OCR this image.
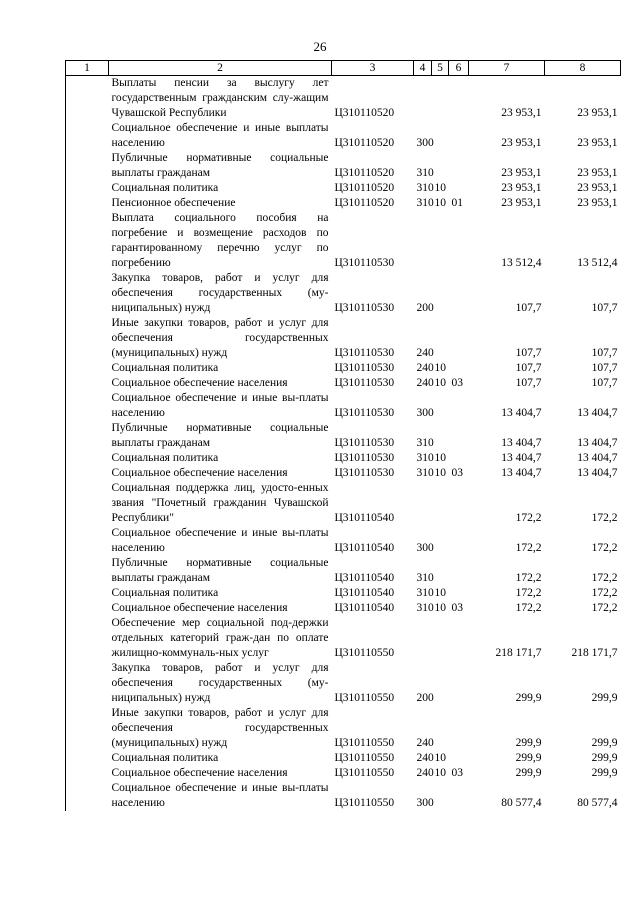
26
1	2	3	4	5	6	7	8
	Выплаты пенсии за выслугу лет государственным гражданским слу-жащим Чувашской Республики	Ц310110520				23 953,1	23 953,1
	Социальное обеспечение и иные выплаты населению	Ц310110520	300			23 953,1	23 953,1
	Публичные нормативные социальные выплаты гражданам	Ц310110520	310			23 953,1	23 953,1
	Социальная политика	Ц310110520	310	10		23 953,1	23 953,1
	Пенсионное обеспечение	Ц310110520	310	10	01	23 953,1	23 953,1
	Выплата социального пособия на погребение и возмещение расходов по гарантированному перечню услуг по погребению	Ц310110530				13 512,4	13 512,4
	Закупка товаров, работ и услуг для обеспечения государственных (му-ниципальных) нужд	Ц310110530	200			107,7	107,7
	Иные закупки товаров, работ и услуг для обеспечения государственных (муниципальных) нужд	Ц310110530	240			107,7	107,7
	Социальная политика	Ц310110530	240	10		107,7	107,7
	Социальное обеспечение населения	Ц310110530	240	10	03	107,7	107,7
	Социальное обеспечение и иные вы-платы населению	Ц310110530	300			13 404,7	13 404,7
	Публичные нормативные социальные выплаты гражданам	Ц310110530	310			13 404,7	13 404,7
	Социальная политика	Ц310110530	310	10		13 404,7	13 404,7
	Социальное обеспечение населения	Ц310110530	310	10	03	13 404,7	13 404,7
	Социальная поддержка лиц, удосто-енных звания "Почетный гражданин Чувашской Республики"	Ц310110540				172,2	172,2
	Социальное обеспечение и иные вы-платы населению	Ц310110540	300			172,2	172,2
	Публичные нормативные социальные выплаты гражданам	Ц310110540	310			172,2	172,2
	Социальная политика	Ц310110540	310	10		172,2	172,2
	Социальное обеспечение населения	Ц310110540	310	10	03	172,2	172,2
	Обеспечение мер социальной под-держки отдельных категорий граж-дан по оплате жилищно-коммуналь-ных услуг	Ц310110550				218 171,7	218 171,7
	Закупка товаров, работ и услуг для обеспечения государственных (му-ниципальных) нужд	Ц310110550	200			299,9	299,9
	Иные закупки товаров, работ и услуг для обеспечения государственных (муниципальных) нужд	Ц310110550	240			299,9	299,9
	Социальная политика	Ц310110550	240	10		299,9	299,9
	Социальное обеспечение населения	Ц310110550	240	10	03	299,9	299,9
	Социальное обеспечение и иные вы-платы населению	Ц310110550	300			80 577,4	80 577,4
